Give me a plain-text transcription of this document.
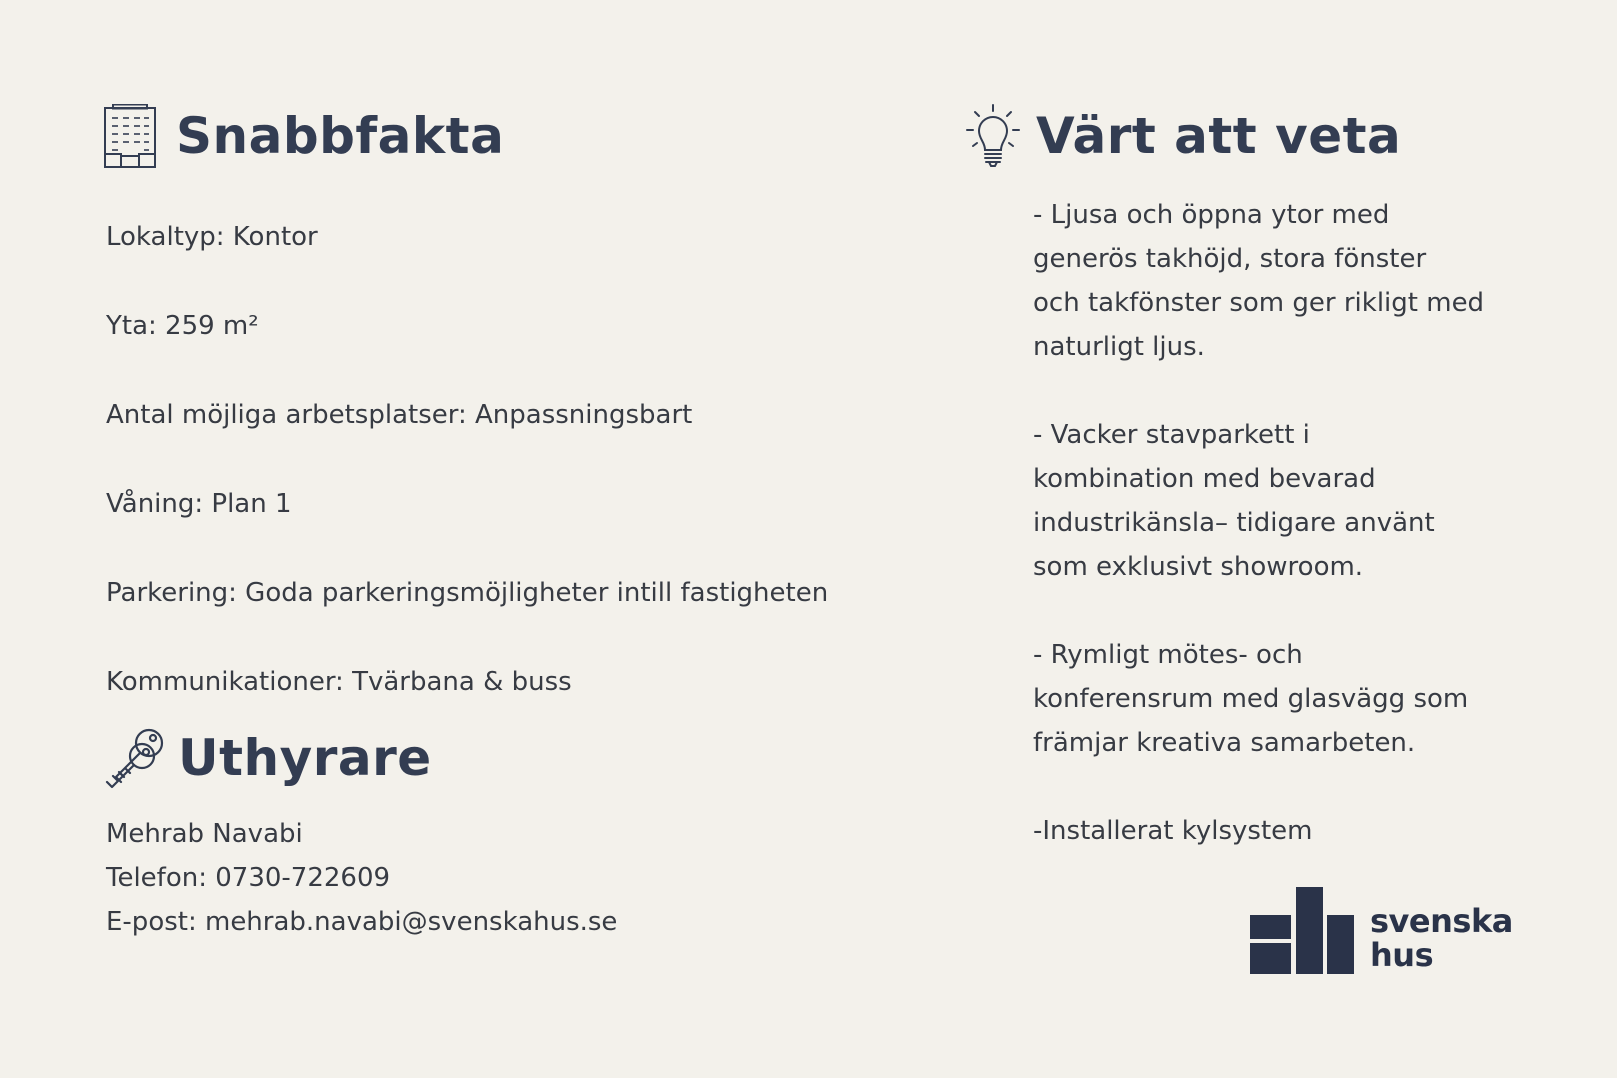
Snabbfakta
Lokaltyp: Kontor
Yta: 259 m²
Antal möjliga arbetsplatser: Anpassningsbart
Våning: Plan 1
Parkering: Goda parkeringsmöjligheter intill fastigheten
Kommunikationer: Tvärbana & buss
Uthyrare
Mehrab Navabi
Telefon: 0730-722609
E-post: mehrab.navabi@svenskahus.se
Värt att veta
- Ljusa och öppna ytor med
generös takhöjd, stora fönster
och takfönster som ger rikligt med
naturligt ljus.
- Vacker stavparkett i
kombination med bevarad
industrikänsla– tidigare använt
som exklusivt showroom.
- Rymligt mötes- och
konferensrum med glasvägg som
främjar kreativa samarbeten.
-Installerat kylsystem
svenska
hus
